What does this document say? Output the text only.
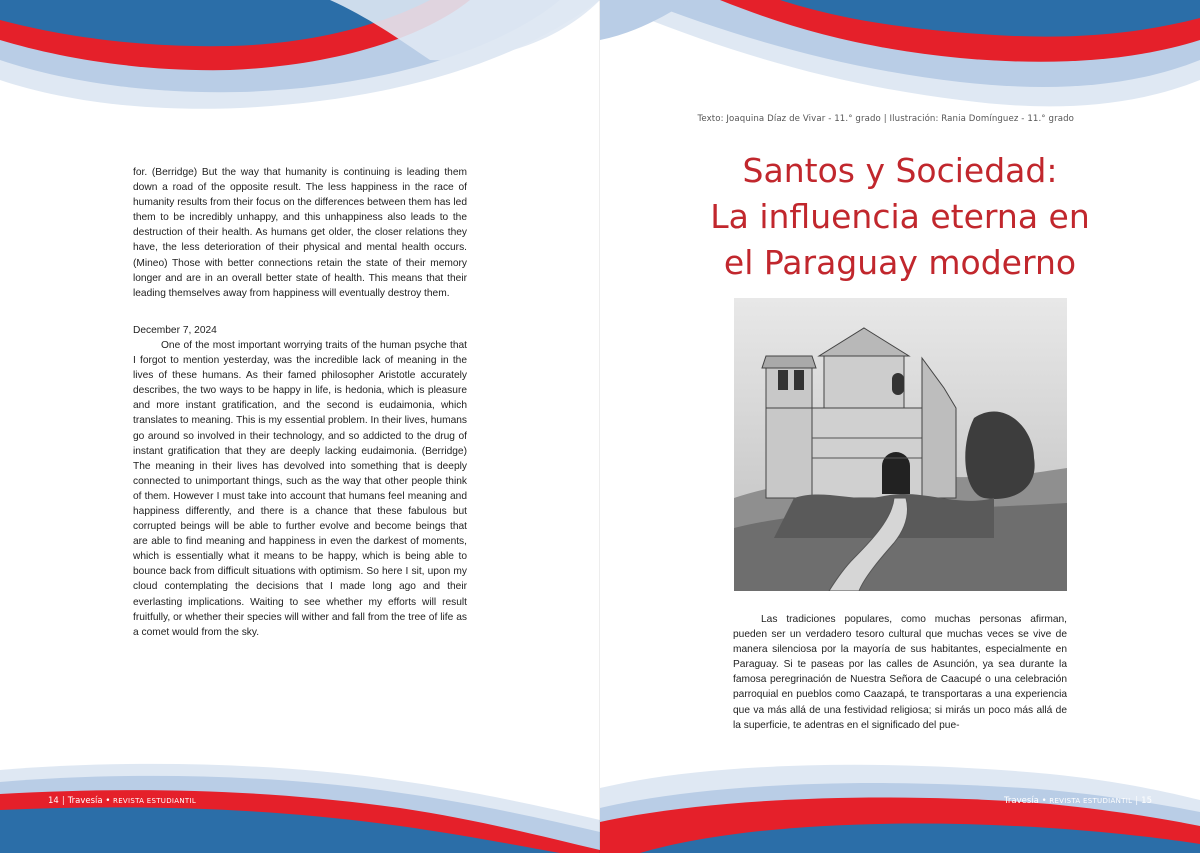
for. (Berridge) But the way that humanity is continuing is leading them down a road of the opposite result. The less happiness in the race of humanity results from their focus on the differences between them has led them to be incredibly unhappy, and this unhappiness also leads to the destruction of their health. As humans get older, the closer relations they have, the less deterioration of their physical and mental health occurs. (Mineo) Those with better connections retain the state of their memory longer and are in an overall better state of health. This means that their leading themselves away from happiness will eventually destroy them.

December 7, 2024

One of the most important worrying traits of the human psyche that I forgot to mention yesterday, was the incredible lack of meaning in the lives of these humans. As their famed philosopher Aristotle accurately describes, the two ways to be happy in life, is hedonia, which is pleasure and more instant gratification, and the second is eudaimonia, which translates to meaning. This is my essential problem. In their lives, humans go around so involved in their technology, and so addicted to the drug of instant gratification that they are deeply lacking eudaimonia. (Berridge) The meaning in their lives has devolved into something that is deeply connected to unimportant things, such as the way that other people think of them. However I must take into account that humans feel meaning and happiness differently, and there is a chance that these fabulous but corrupted beings will be able to further evolve and become beings that are able to find meaning and happiness in even the darkest of moments, which is essentially what it means to be happy, which is being able to bounce back from difficult situations with optimism. So here I sit, upon my cloud contemplating the decisions that I made long ago and their everlasting implications. Waiting to see whether my efforts will result fruitfully, or whether their species will wither and fall from the tree of life as a comet would from the sky.

14 | Travesía • REVISTA ESTUDIANTIL
Texto: Joaquina Díaz de Vivar - 11.° grado | Ilustración: Rania Domínguez - 11.° grado
Santos y Sociedad:
La influencia eterna en
el Paraguay moderno

Las tradiciones populares, como muchas personas afirman, pueden ser un verdadero tesoro cultural que muchas veces se vive de manera silenciosa por la mayoría de sus habitantes, especialmente en Paraguay. Si te paseas por las calles de Asunción, ya sea durante la famosa peregrinación de Nuestra Señora de Caacupé o una celebración parroquial en pueblos como Caazapá, te transportaras a una experiencia que va más allá de una festividad religiosa; si mirás un poco más allá de la superficie, te adentras en el significado del pue-

Travesía • REVISTA ESTUDIANTIL | 15
